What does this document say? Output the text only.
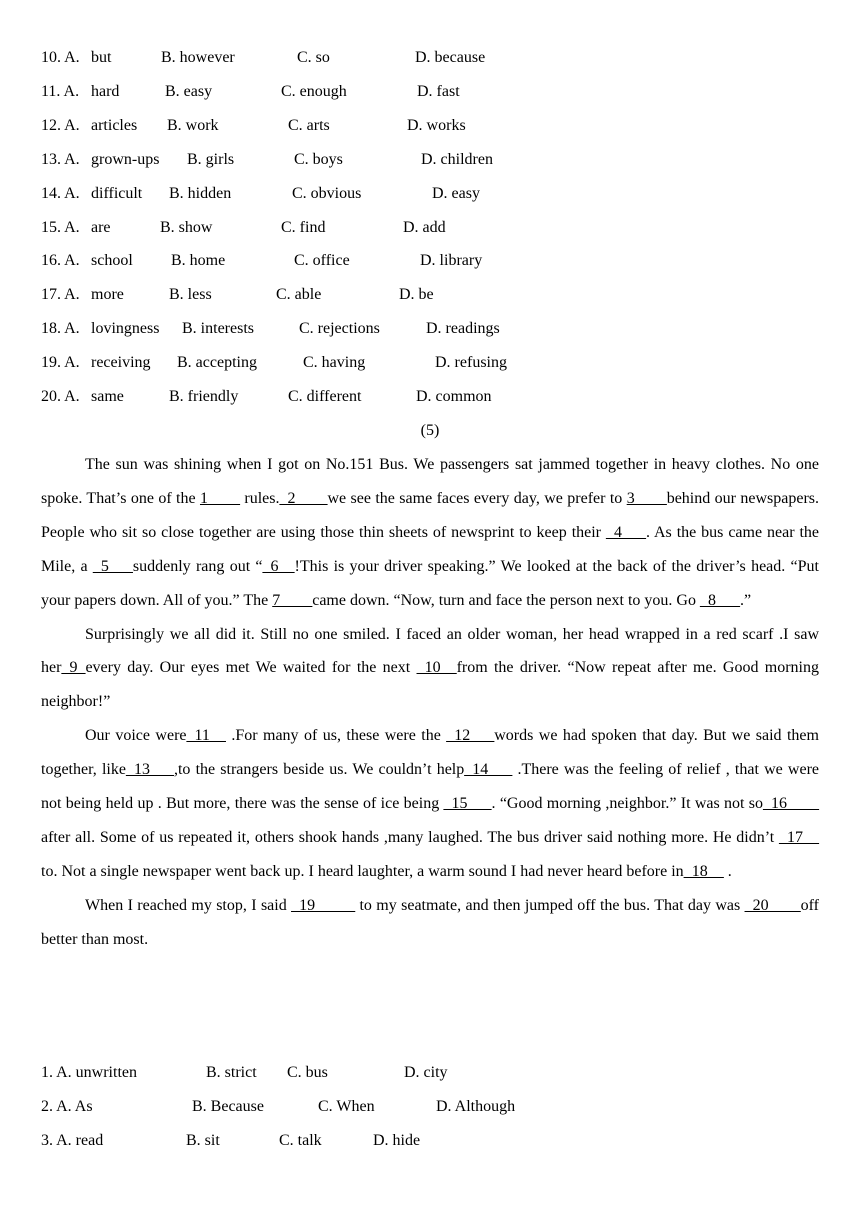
10. A. but	B. however	C. so	D. because
11. A. hard	B. easy	C. enough	D. fast
12. A. articles B. work	C. arts	D. works
13. A. grown-ups B. girls	C. boys	D. children
14. A. difficult B. hidden	C. obvious	D. easy
15. A. are	B. show	C. find	D. add
16. A. school B. home	C. office	D. library
17. A. more	B. less	C. able	D. be
18. A. lovingness B. interests	C. rejections	D. readings
19. A. receiving B. accepting	C. having	D. refusing
20. A. same	B. friendly	C. different	D. common
(5)

The sun was shining when I got on No.151 Bus. We passengers sat jammed together in heavy clothes. No one spoke. That’s one of the 1____ rules._2____we see the same faces every day, we prefer to 3____behind our newspapers. People who sit so close together are using those thin sheets of newsprint to keep their _4___. As the bus came near the Mile, a _5___suddenly rang out “_6__!This is your driver speaking.” We looked at the back of the driver’s head. “Put your papers down. All of you.” The 7____came down. “Now, turn and face the person next to you. Go _8___.”

Surprisingly we all did it. Still no one smiled. I faced an older woman, her head wrapped in a red scarf .I saw her_9_every day. Our eyes met We waited for the next _10__from the driver. “Now repeat after me. Good morning neighbor!”

Our voice were_11__ .For many of us, these were the _12___words we had spoken that day. But we said them together, like_13___,to the strangers beside us. We couldn’t help_14___ .There was the feeling of relief , that we were not being held up . But more, there was the sense of ice being _15___. “Good morning ,neighbor.” It was not so_16____ after all. Some of us repeated it, others shook hands ,many laughed. The bus driver said nothing more. He didn’t _17__ to. Not a single newspaper went back up. I heard laughter, a warm sound I had never heard before in_18__ .

When I reached my stop, I said _19_____ to my seatmate, and then jumped off the bus. That day was _20____off better than most.

1. A. unwritten	B. strict C. bus	D. city
2. A. As	B. Because	C. When	D. Although
3. A. read	B. sit	C. talk	D. hide
